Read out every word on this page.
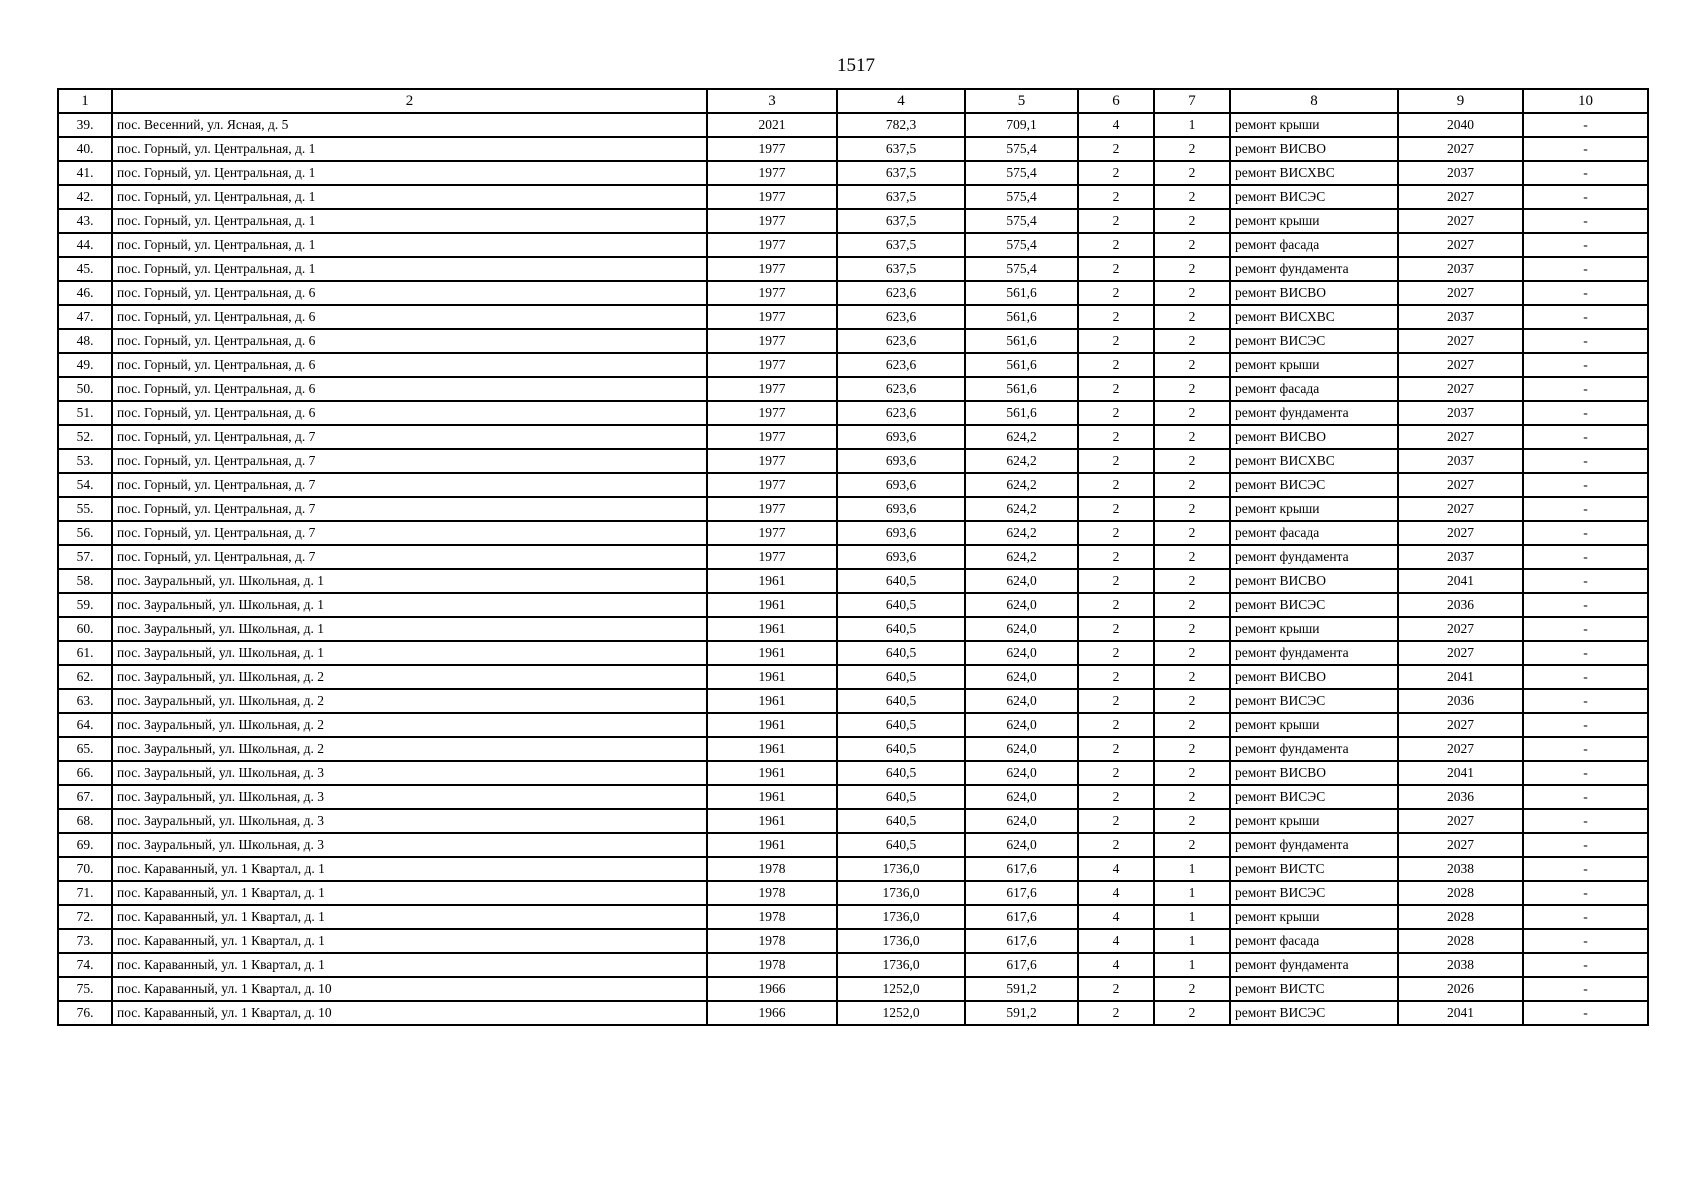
1517
1	2	3	4	5	6	7	8	9	10
39.	пос. Весенний, ул. Ясная, д. 5	2021	782,3	709,1	4	1	ремонт крыши	2040	-
40.	пос. Горный, ул. Центральная, д. 1	1977	637,5	575,4	2	2	ремонт ВИСВО	2027	-
41.	пос. Горный, ул. Центральная, д. 1	1977	637,5	575,4	2	2	ремонт ВИСХВС	2037	-
42.	пос. Горный, ул. Центральная, д. 1	1977	637,5	575,4	2	2	ремонт ВИСЭС	2027	-
43.	пос. Горный, ул. Центральная, д. 1	1977	637,5	575,4	2	2	ремонт крыши	2027	-
44.	пос. Горный, ул. Центральная, д. 1	1977	637,5	575,4	2	2	ремонт фасада	2027	-
45.	пос. Горный, ул. Центральная, д. 1	1977	637,5	575,4	2	2	ремонт фундамента	2037	-
46.	пос. Горный, ул. Центральная, д. 6	1977	623,6	561,6	2	2	ремонт ВИСВО	2027	-
47.	пос. Горный, ул. Центральная, д. 6	1977	623,6	561,6	2	2	ремонт ВИСХВС	2037	-
48.	пос. Горный, ул. Центральная, д. 6	1977	623,6	561,6	2	2	ремонт ВИСЭС	2027	-
49.	пос. Горный, ул. Центральная, д. 6	1977	623,6	561,6	2	2	ремонт крыши	2027	-
50.	пос. Горный, ул. Центральная, д. 6	1977	623,6	561,6	2	2	ремонт фасада	2027	-
51.	пос. Горный, ул. Центральная, д. 6	1977	623,6	561,6	2	2	ремонт фундамента	2037	-
52.	пос. Горный, ул. Центральная, д. 7	1977	693,6	624,2	2	2	ремонт ВИСВО	2027	-
53.	пос. Горный, ул. Центральная, д. 7	1977	693,6	624,2	2	2	ремонт ВИСХВС	2037	-
54.	пос. Горный, ул. Центральная, д. 7	1977	693,6	624,2	2	2	ремонт ВИСЭС	2027	-
55.	пос. Горный, ул. Центральная, д. 7	1977	693,6	624,2	2	2	ремонт крыши	2027	-
56.	пос. Горный, ул. Центральная, д. 7	1977	693,6	624,2	2	2	ремонт фасада	2027	-
57.	пос. Горный, ул. Центральная, д. 7	1977	693,6	624,2	2	2	ремонт фундамента	2037	-
58.	пос. Зауральный, ул. Школьная, д. 1	1961	640,5	624,0	2	2	ремонт ВИСВО	2041	-
59.	пос. Зауральный, ул. Школьная, д. 1	1961	640,5	624,0	2	2	ремонт ВИСЭС	2036	-
60.	пос. Зауральный, ул. Школьная, д. 1	1961	640,5	624,0	2	2	ремонт крыши	2027	-
61.	пос. Зауральный, ул. Школьная, д. 1	1961	640,5	624,0	2	2	ремонт фундамента	2027	-
62.	пос. Зауральный, ул. Школьная, д. 2	1961	640,5	624,0	2	2	ремонт ВИСВО	2041	-
63.	пос. Зауральный, ул. Школьная, д. 2	1961	640,5	624,0	2	2	ремонт ВИСЭС	2036	-
64.	пос. Зауральный, ул. Школьная, д. 2	1961	640,5	624,0	2	2	ремонт крыши	2027	-
65.	пос. Зауральный, ул. Школьная, д. 2	1961	640,5	624,0	2	2	ремонт фундамента	2027	-
66.	пос. Зауральный, ул. Школьная, д. 3	1961	640,5	624,0	2	2	ремонт ВИСВО	2041	-
67.	пос. Зауральный, ул. Школьная, д. 3	1961	640,5	624,0	2	2	ремонт ВИСЭС	2036	-
68.	пос. Зауральный, ул. Школьная, д. 3	1961	640,5	624,0	2	2	ремонт крыши	2027	-
69.	пос. Зауральный, ул. Школьная, д. 3	1961	640,5	624,0	2	2	ремонт фундамента	2027	-
70.	пос. Караванный, ул. 1 Квартал, д. 1	1978	1736,0	617,6	4	1	ремонт ВИСТС	2038	-
71.	пос. Караванный, ул. 1 Квартал, д. 1	1978	1736,0	617,6	4	1	ремонт ВИСЭС	2028	-
72.	пос. Караванный, ул. 1 Квартал, д. 1	1978	1736,0	617,6	4	1	ремонт крыши	2028	-
73.	пос. Караванный, ул. 1 Квартал, д. 1	1978	1736,0	617,6	4	1	ремонт фасада	2028	-
74.	пос. Караванный, ул. 1 Квартал, д. 1	1978	1736,0	617,6	4	1	ремонт фундамента	2038	-
75.	пос. Караванный, ул. 1 Квартал, д. 10	1966	1252,0	591,2	2	2	ремонт ВИСТС	2026	-
76.	пос. Караванный, ул. 1 Квартал, д. 10	1966	1252,0	591,2	2	2	ремонт ВИСЭС	2041	-
